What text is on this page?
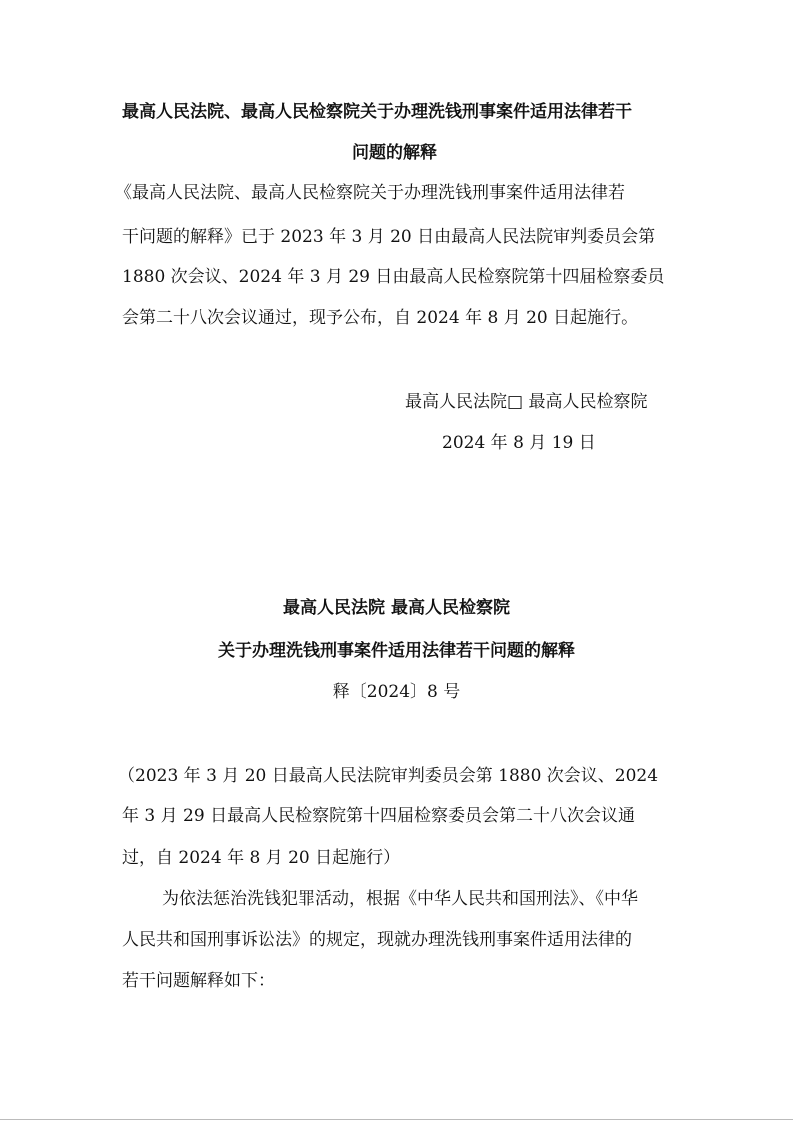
最高人民法院、最高人民检察院关于办理洗钱刑事案件适用法律若干
问题的解释
《最高人民法院、最高人民检察院关于办理洗钱刑事案件适用法律若
干问题的解释》已于 2023 年 3 月 20 日由最高人民法院审判委员会第
1880 次会议、2024 年 3 月 29 日由最高人民检察院第十四届检察委员
会第二十八次会议通过，现予公布，自 2024 年 8 月 20 日起施行。
最高人民法院□ 最高人民检察院
2024 年 8 月 19 日
最高人民法院 最高人民检察院
关于办理洗钱刑事案件适用法律若干问题的解释
释〔2024〕8 号
（2023 年 3 月 20 日最高人民法院审判委员会第 1880 次会议、2024
年 3 月 29 日最高人民检察院第十四届检察委员会第二十八次会议通
过，自 2024 年 8 月 20 日起施行）
为依法惩治洗钱犯罪活动，根据《中华人民共和国刑法》、《中华
人民共和国刑事诉讼法》的规定，现就办理洗钱刑事案件适用法律的
若干问题解释如下：
